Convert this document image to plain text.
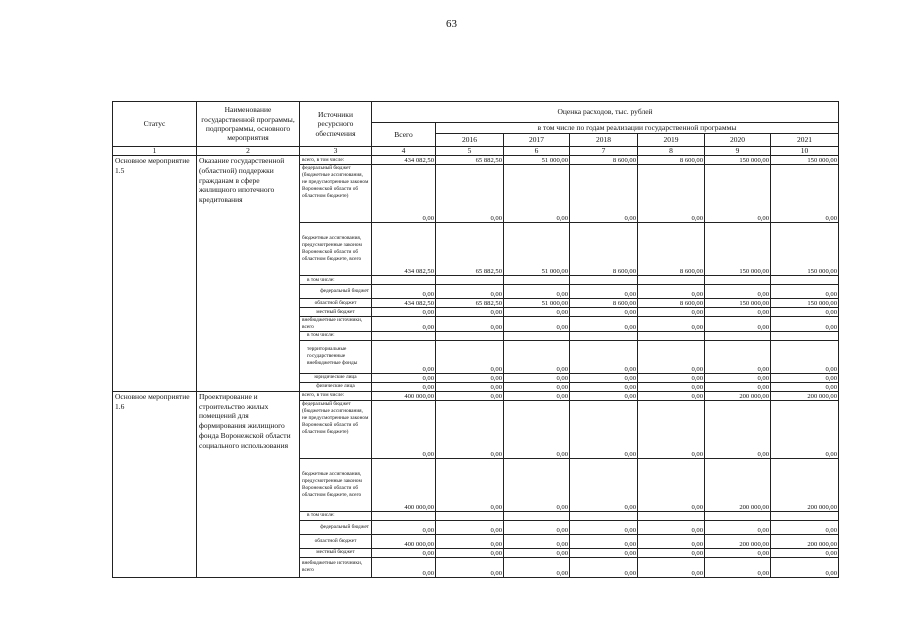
63
Статус	Наименование государственной программы, подпрограммы, основного мероприятия	Источники ресурсного обеспечения	Оценка расходов, тыс. рублей						
			Всего	в том числе по годам реализации государственной программы					
				2016	2017	2018	2019	2020	2021
1	2	3	4	5	6	7	8	9	10
Основное мероприятие 1.5	Оказание государственной (областной) поддержки гражданам в сфере жилищного ипотечного кредитования	всего, в том числе:	434 082,50	65 882,50	51 000,00	8 600,00	8 600,00	150 000,00	150 000,00
		федеральный бюджет (бюджетные ассигнования, не предусмотренные законом Воронежской области об областном бюджете)	0,00	0,00	0,00	0,00	0,00	0,00	0,00
		бюджетные ассигнования, предусмотренные законом Воронежской области об областном бюджете, всего	434 082,50	65 882,50	51 000,00	8 600,00	8 600,00	150 000,00	150 000,00
		в том числе:							
		федеральный бюджет	0,00	0,00	0,00	0,00	0,00	0,00	0,00
		областной бюджет	434 082,50	65 882,50	51 000,00	8 600,00	8 600,00	150 000,00	150 000,00
		местный бюджет	0,00	0,00	0,00	0,00	0,00	0,00	0,00
		внебюджетные источники, всего	0,00	0,00	0,00	0,00	0,00	0,00	0,00
		в том числе:							
		территориальные государственные внебюджетные фонды	0,00	0,00	0,00	0,00	0,00	0,00	0,00
		юридические лица	0,00	0,00	0,00	0,00	0,00	0,00	0,00
		физические лица	0,00	0,00	0,00	0,00	0,00	0,00	0,00
Основное мероприятие 1.6	Проектирование и строительство жилых помещений для формирования жилищного фонда Воронежской области социального использования	всего, в том числе:	400 000,00	0,00	0,00	0,00	0,00	200 000,00	200 000,00
		федеральный бюджет (бюджетные ассигнования, не предусмотренные законом Воронежской области об областном бюджете)	0,00	0,00	0,00	0,00	0,00	0,00	0,00
		бюджетные ассигнования, предусмотренные законом Воронежской области об областном бюджете, всего	400 000,00	0,00	0,00	0,00	0,00	200 000,00	200 000,00
		в том числе:							
		федеральный бюджет	0,00	0,00	0,00	0,00	0,00	0,00	0,00
		областной бюджет	400 000,00	0,00	0,00	0,00	0,00	200 000,00	200 000,00
		местный бюджет	0,00	0,00	0,00	0,00	0,00	0,00	0,00
		внебюджетные источники, всего	0,00	0,00	0,00	0,00	0,00	0,00	0,00
